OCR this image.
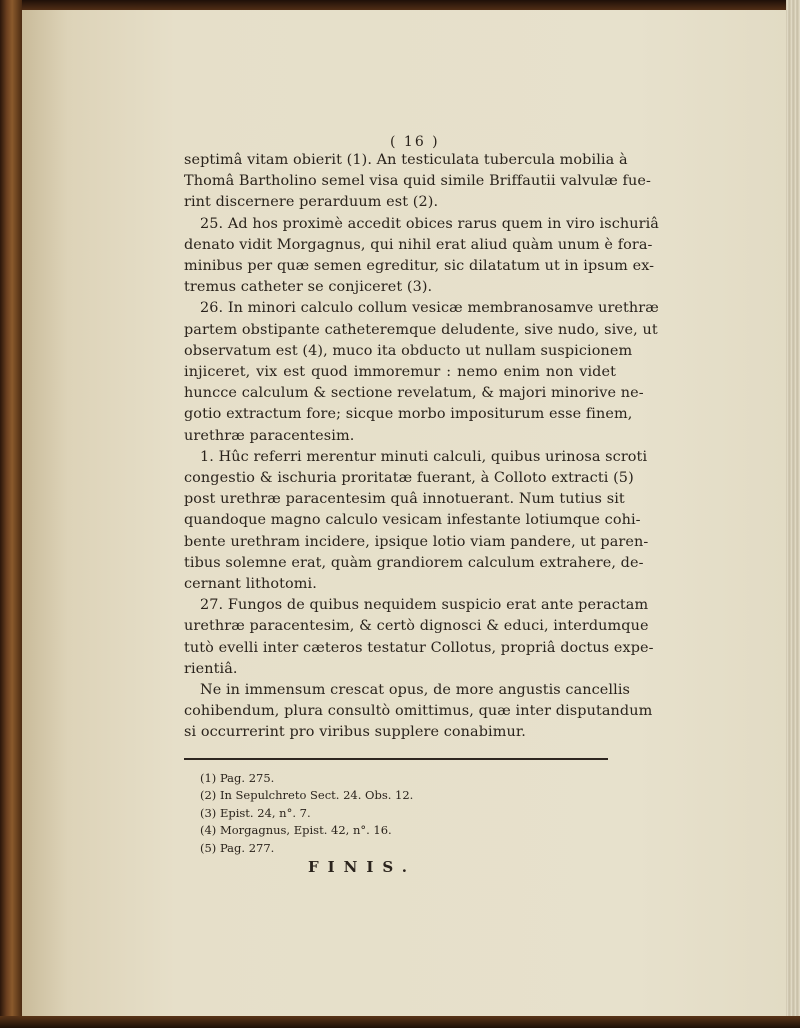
( 16 )
septimâ vitam obierit (1). An testiculata tubercula mobilia à
Thomâ Bartholino semel visa quid simile Briffautii valvulæ fue-
rint discernere perarduum est (2).
25. Ad hos proximè accedit obices rarus quem in viro ischuriâ
denato vidit Morgagnus, qui nihil erat aliud quàm unum è fora-
minibus per quæ semen egreditur, sic dilatatum ut in ipsum ex-
tremus catheter se conjiceret (3).
26. In minori calculo collum vesicæ membranosamve urethræ
partem obstipante catheteremque deludente, sive nudo, sive, ut
observatum est (4), muco ita obducto ut nullam suspicionem
injiceret, vix est quod immoremur : nemo enim non videt
huncce calculum & sectione revelatum, & majori minorive ne-
gotio extractum fore; sicque morbo impositurum esse finem,
urethræ paracentesim.
1. Hûc referri merentur minuti calculi, quibus urinosa scroti
congestio & ischuria proritatæ fuerant, à Colloto extracti (5)
post urethræ paracentesim quâ innotuerant. Num tutius sit
quandoque magno calculo vesicam infestante lotiumque cohi-
bente urethram incidere, ipsique lotio viam pandere, ut paren-
tibus solemne erat, quàm grandiorem calculum extrahere, de-
cernant lithotomi.
27. Fungos de quibus nequidem suspicio erat ante peractam
urethræ paracentesim, & certò dignosci & educi, interdumque
tutò evelli inter cæteros testatur Collotus, propriâ doctus expe-
rientiâ.
Ne in immensum crescat opus, de more angustis cancellis
cohibendum, plura consultò omittimus, quæ inter disputandum
si occurrerint pro viribus supplere conabimur.
(1) Pag. 275.
(2) In Sepulchreto Sect. 24. Obs. 12.
(3) Epist. 24, n°. 7.
(4) Morgagnus, Epist. 42, n°. 16.
(5) Pag. 277.
FINIS.
